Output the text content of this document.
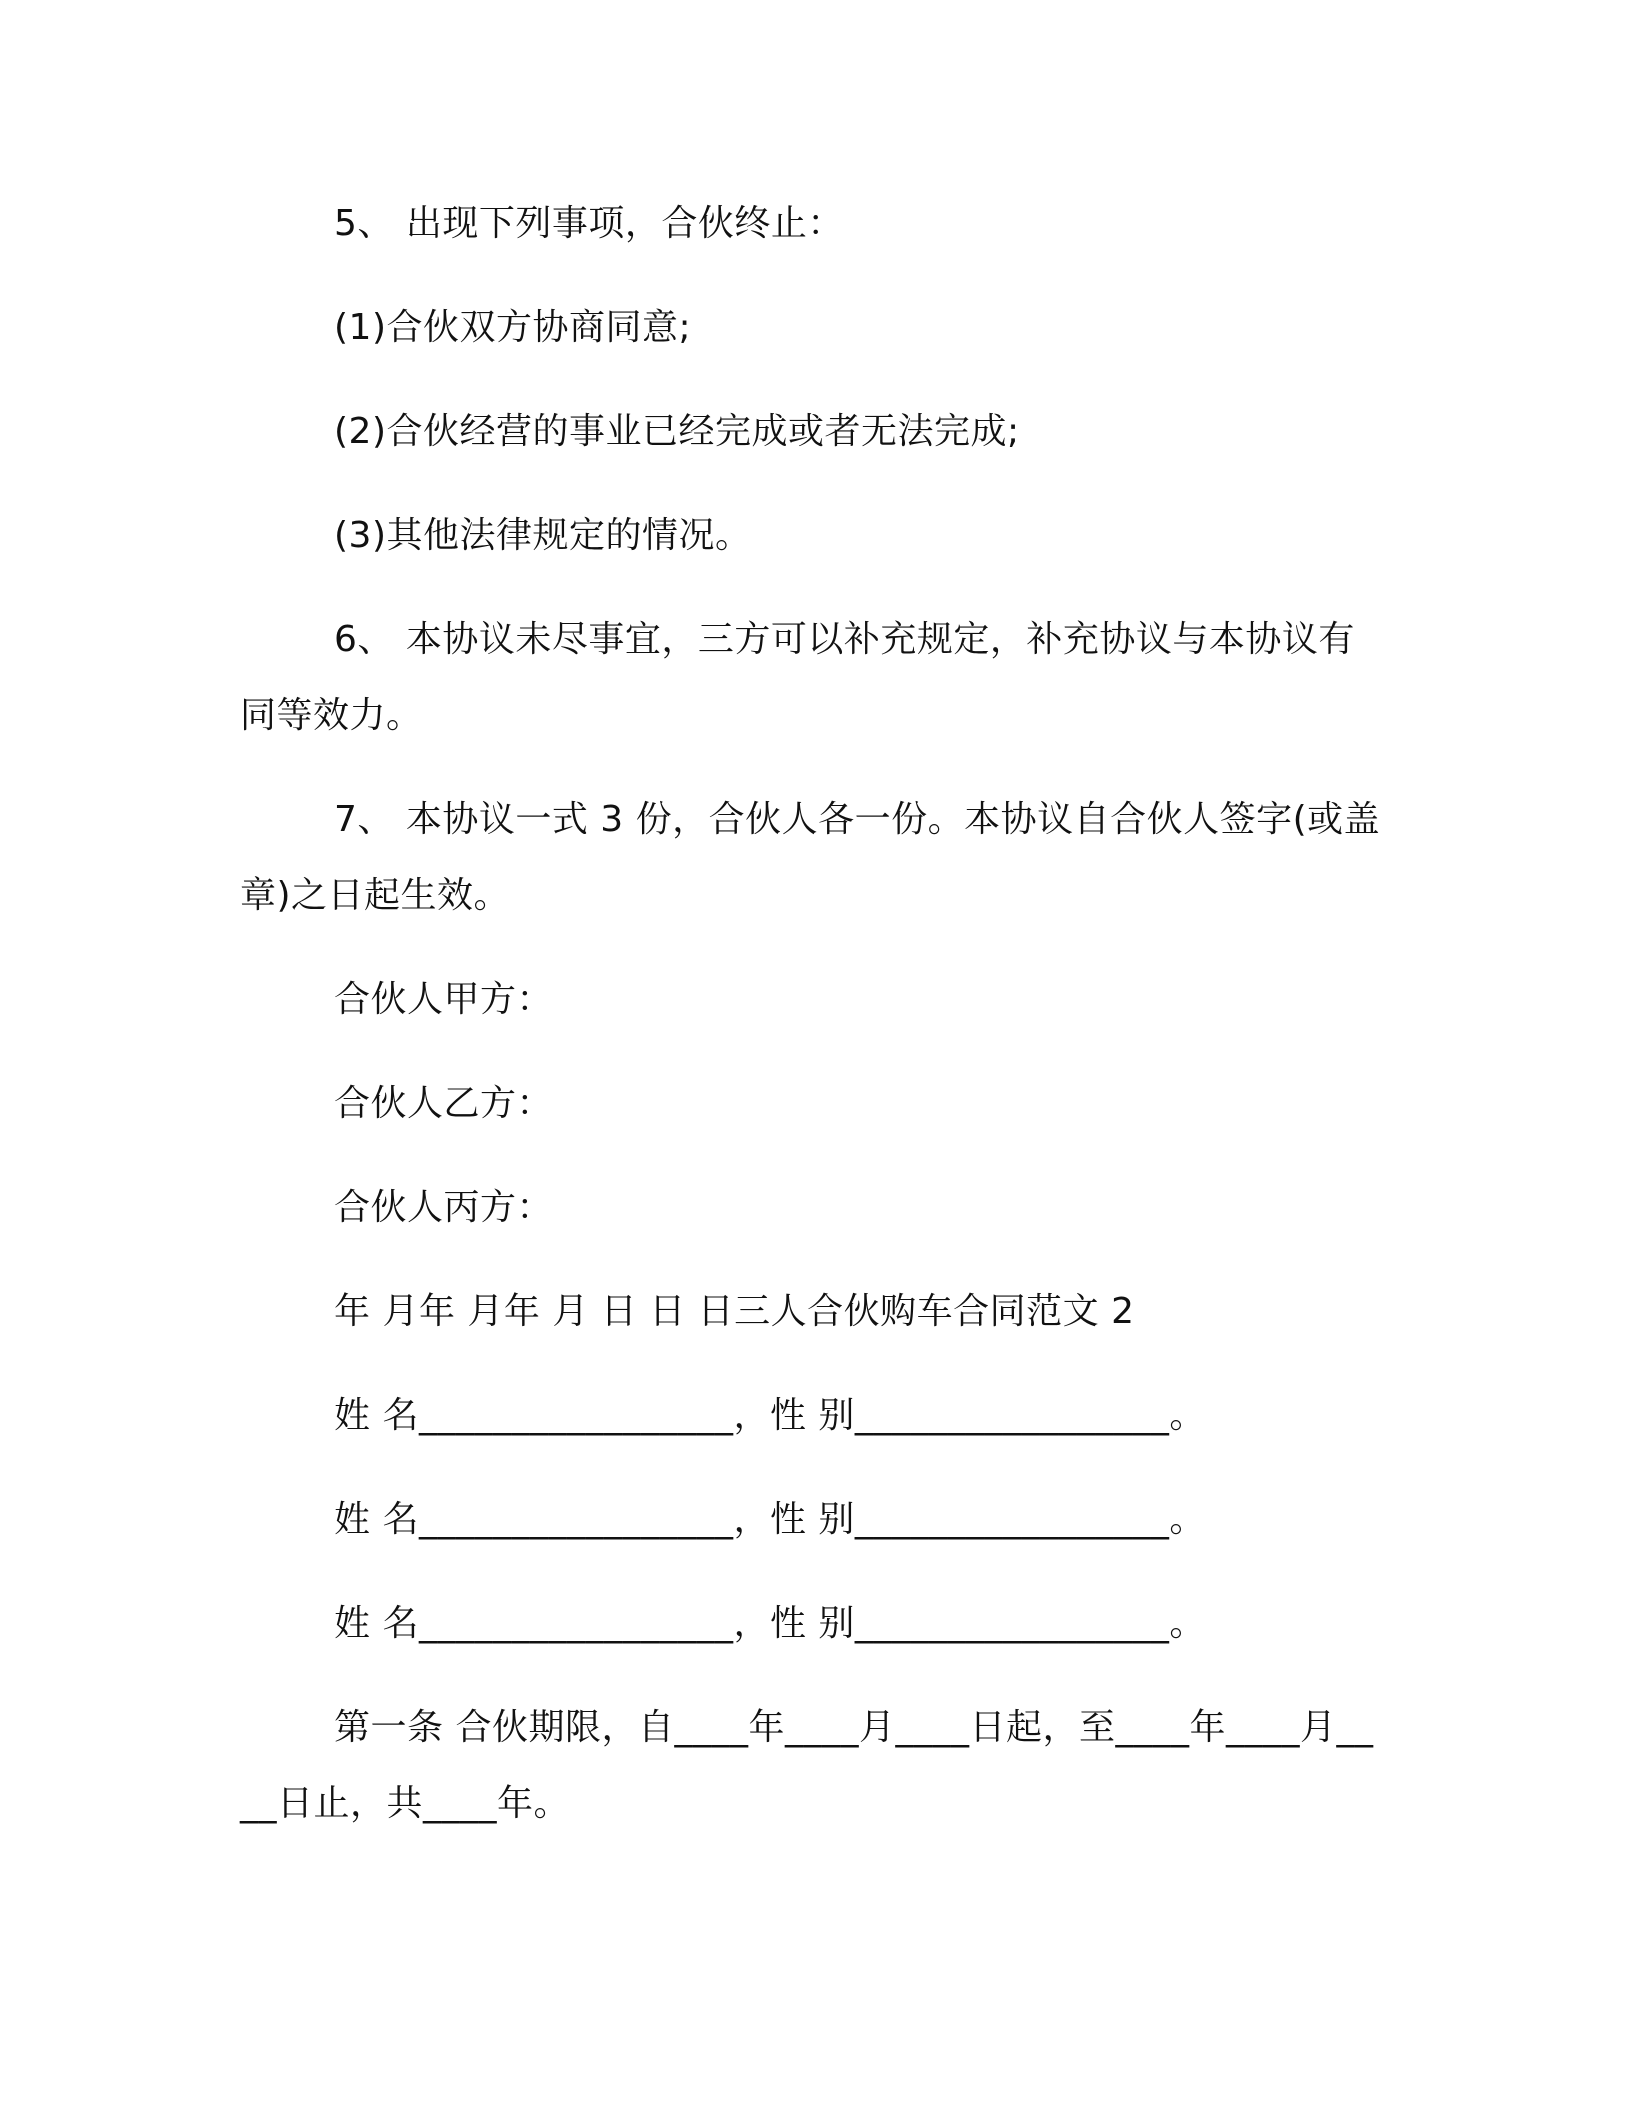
5、 出现下列事项，合伙终止：

(1)合伙双方协商同意;

(2)合伙经营的事业已经完成或者无法完成;

(3)其他法律规定的情况。

6、 本协议未尽事宜，三方可以补充规定，补充协议与本协议有同等效力。

7、 本协议一式 3 份，合伙人各一份。本协议自合伙人签字(或盖章)之日起生效。

合伙人甲方：

合伙人乙方：

合伙人丙方：

年 月年 月年 月 日 日 日三人合伙购车合同范文 2

姓 名_________________，性 别_________________。

姓 名_________________，性 别_________________。

姓 名_________________，性 别_________________。

第一条 合伙期限，自____年____月____日起，至____年____月____日止，共____年。
